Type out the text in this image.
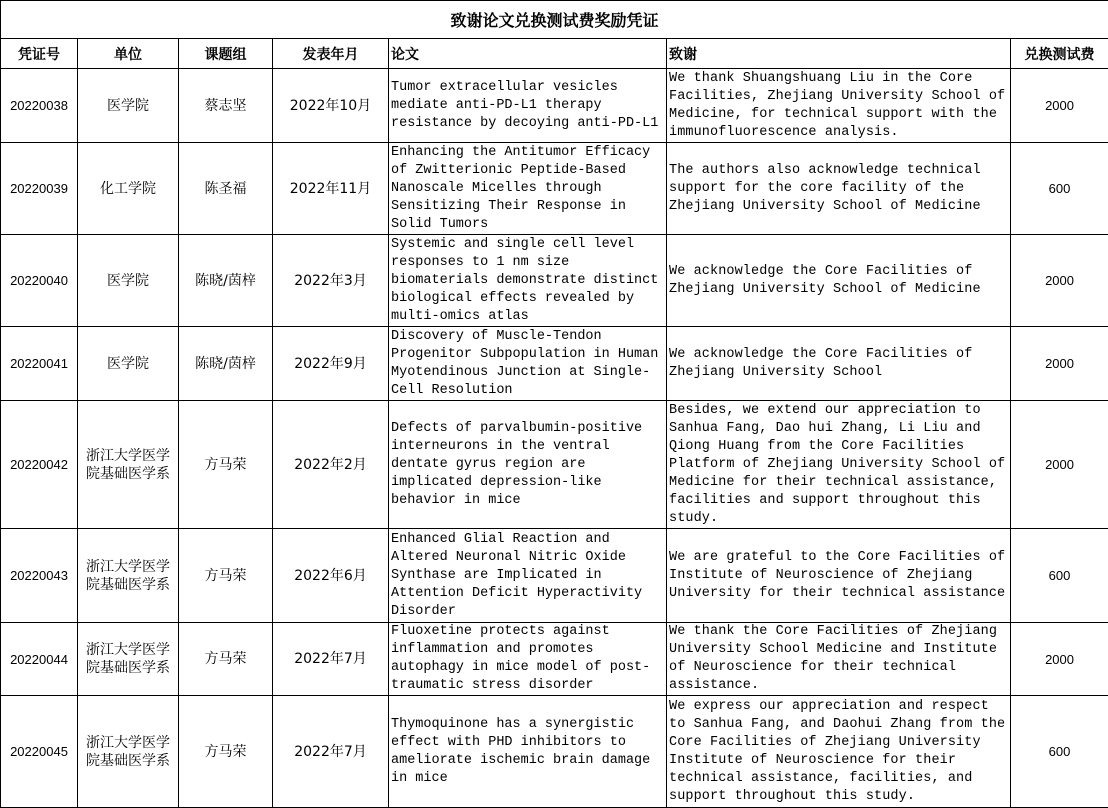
致谢论文兑换测试费奖励凭证						
凭证号	单位	课题组	发表年月	论文	致谢	兑换测试费
20220038	医学院	蔡志坚	2022年10月	Tumor extracellular vesicles mediate anti-PD-L1 therapy resistance by decoying anti-PD-L1	We thank Shuangshuang Liu in the Core Facilities, Zhejiang University School of Medicine, for technical support with the immunofluorescence analysis.	2000
20220039	化工学院	陈圣福	2022年11月	Enhancing the Antitumor Efficacy of Zwitterionic Peptide-Based Nanoscale Micelles through Sensitizing Their Response in Solid Tumors	The authors also acknowledge technical support for the core facility of the Zhejiang University School of Medicine	600
20220040	医学院	陈晓/茵梓	2022年3月	Systemic and single cell level responses to 1 nm size biomaterials demonstrate distinct biological effects revealed by multi-omics atlas	We acknowledge the Core Facilities of Zhejiang University School of Medicine	2000
20220041	医学院	陈晓/茵梓	2022年9月	Discovery of Muscle-Tendon Progenitor Subpopulation in Human Myotendinous Junction at Single-Cell Resolution	We acknowledge the Core Facilities of Zhejiang University School	2000
20220042	浙江大学医学院基础医学系	方马荣	2022年2月	Defects of parvalbumin-positive interneurons in the ventral dentate gyrus region are implicated depression-like behavior in mice	Besides, we extend our appreciation to Sanhua Fang, Dao hui Zhang, Li Liu and Qiong Huang from the Core Facilities Platform of Zhejiang University School of Medicine for their technical assistance, facilities and support throughout this study.	2000
20220043	浙江大学医学院基础医学系	方马荣	2022年6月	Enhanced Glial Reaction and Altered Neuronal Nitric Oxide Synthase are Implicated in Attention Deficit Hyperactivity Disorder	We are grateful to the Core Facilities of Institute of Neuroscience of Zhejiang University for their technical assistance	600
20220044	浙江大学医学院基础医学系	方马荣	2022年7月	Fluoxetine protects against inflammation and promotes autophagy in mice model of post-traumatic stress disorder	We thank the Core Facilities of Zhejiang University School Medicine and Institute of Neuroscience for their technical assistance.	2000
20220045	浙江大学医学院基础医学系	方马荣	2022年7月	Thymoquinone has a synergistic effect with PHD inhibitors to ameliorate ischemic brain damage in mice	We express our appreciation and respect to Sanhua Fang, and Daohui Zhang from the Core Facilities of Zhejiang University Institute of Neuroscience for their technical assistance, facilities, and support throughout this study.	600
